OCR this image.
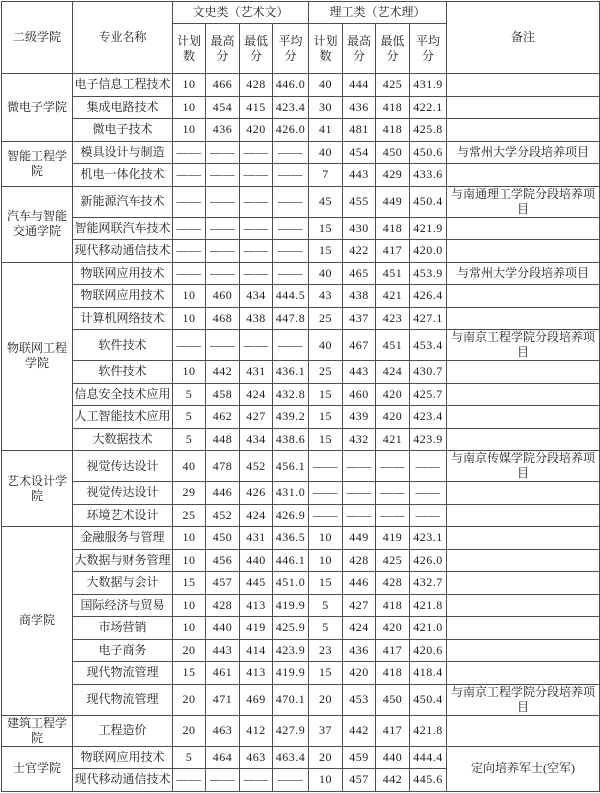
二级学院	专业名称	文史类（艺术文）				理工类（艺术理）				备注
		计划数	最高分	最低分	平均分	计划数	最高分	最低分	平均分	
微电子学院	电子信息工程技术	10	466	428	446.0	40	444	425	431.9	
	集成电路技术	10	454	415	423.4	30	436	418	422.1	
	微电子技术	10	436	420	426.0	41	481	418	425.8	
智能工程学院	模具设计与制造	——	——	——	——	40	454	450	450.6	与常州大学分段培养项目
	机电一体化技术	——	——	——	——	7	443	429	433.6	
汽车与智能交通学院	新能源汽车技术	——	——	——	——	45	455	449	450.4	与南通理工学院分段培养项目
	智能网联汽车技术	——	——	——	——	15	430	418	421.9	
	现代移动通信技术	——	——	——	——	15	422	417	420.0	
物联网工程学院	物联网应用技术	——	——	——	——	40	465	451	453.9	与常州大学分段培养项目
	物联网应用技术	10	460	434	444.5	43	438	421	426.4	
	计算机网络技术	10	468	438	447.8	25	437	423	427.1	
	软件技术	——	——	——	——	40	467	451	453.4	与南京工程学院分段培养项目
	软件技术	10	442	431	436.1	25	443	424	430.7	
	信息安全技术应用	5	458	424	432.8	15	460	420	425.7	
	人工智能技术应用	5	462	427	439.2	15	439	420	423.4	
	大数据技术	5	448	434	438.6	15	432	421	423.9	
艺术设计学院	视觉传达设计	40	478	452	456.1	——	——	——	——	与南京传媒学院分段培养项目
	视觉传达设计	29	446	426	431.0	——	——	——	——	
	环境艺术设计	25	452	424	426.9	——	——	——	——	
商学院	金融服务与管理	10	450	431	436.5	10	449	419	423.1	
	大数据与财务管理	10	456	440	446.1	10	428	425	426.0	
	大数据与会计	15	457	445	451.0	15	446	428	432.7	
	国际经济与贸易	10	428	413	419.9	5	427	418	421.8	
	市场营销	10	440	419	425.9	5	424	420	421.0	
	电子商务	20	443	414	423.9	23	436	417	420.6	
	现代物流管理	15	461	413	419.9	15	420	418	418.4	
	现代物流管理	20	471	469	470.1	20	453	450	450.4	与南京工程学院分段培养项目
建筑工程学院	工程造价	20	463	412	427.9	37	442	417	421.8	
士官学院	物联网应用技术	5	464	463	463.4	20	459	440	444.4	定向培养军士(空军)
	现代移动通信技术	——	——	——	——	10	457	442	445.6	
